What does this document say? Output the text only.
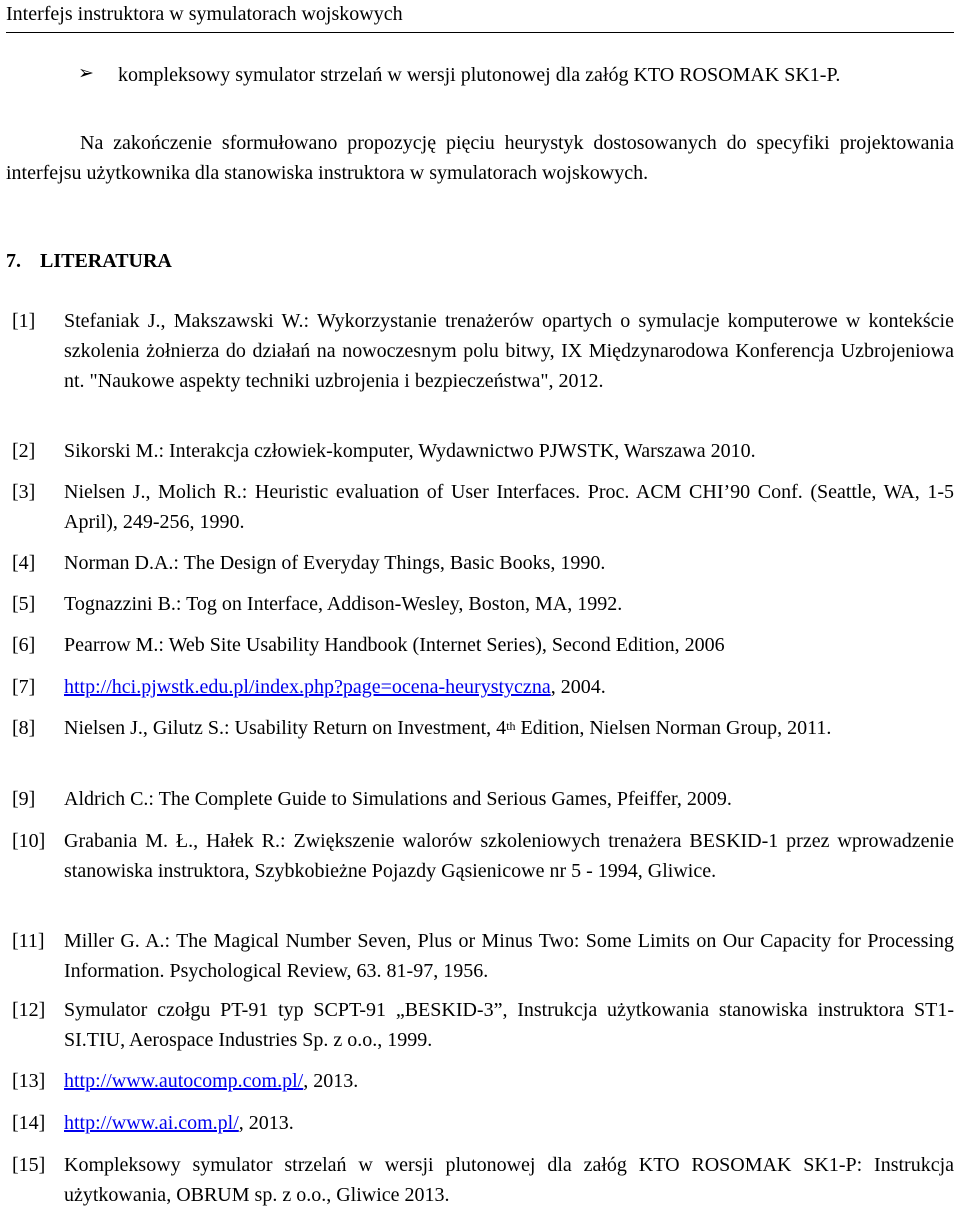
Interfejs instruktora w symulatorach wojskowych
➢	kompleksowy symulator strzelań w wersji plutonowej dla załóg KTO ROSOMAK SK1-P.
Na zakończenie sformułowano propozycję pięciu heurystyk dostosowanych do specyfiki projektowania interfejsu użytkownika dla stanowiska instruktora w symulatorach wojskowych.
7. LITERATURA
[1] Stefaniak J., Makszawski W.: Wykorzystanie trenażerów opartych o symulacje komputerowe w kontekście szkolenia żołnierza do działań na nowoczesnym polu bitwy, IX Międzynarodowa Konferencja Uzbrojeniowa nt. "Naukowe aspekty techniki uzbrojenia i bezpieczeństwa", 2012.
[2] Sikorski M.: Interakcja człowiek-komputer, Wydawnictwo PJWSTK, Warszawa 2010.
[3] Nielsen J., Molich R.: Heuristic evaluation of User Interfaces. Proc. ACM CHI’90 Conf. (Seattle, WA, 1-5 April), 249-256, 1990.
[4] Norman D.A.: The Design of Everyday Things, Basic Books, 1990.
[5] Tognazzini B.: Tog on Interface, Addison-Wesley, Boston, MA, 1992.
[6] Pearrow M.: Web Site Usability Handbook (Internet Series), Second Edition, 2006
[7] http://hci.pjwstk.edu.pl/index.php?page=ocena-heurystyczna, 2004.
[8] Nielsen J., Gilutz S.: Usability Return on Investment, 4th Edition, Nielsen Norman Group, 2011.
[9] Aldrich C.: The Complete Guide to Simulations and Serious Games, Pfeiffer, 2009.
[10] Grabania M. Ł., Hałek R.: Zwiększenie walorów szkoleniowych trenażera BESKID-1 przez wprowadzenie stanowiska instruktora, Szybkobieżne Pojazdy Gąsienicowe nr 5 - 1994, Gliwice.
[11] Miller G. A.: The Magical Number Seven, Plus or Minus Two: Some Limits on Our Capacity for Processing Information. Psychological Review, 63. 81-97, 1956.
[12] Symulator czołgu PT-91 typ SCPT-91 „BESKID-3”, Instrukcja użytkowania stanowiska instruktora ST1-SI.TIU, Aerospace Industries Sp. z o.o., 1999.
[13] http://www.autocomp.com.pl/, 2013.
[14] http://www.ai.com.pl/, 2013.
[15] Kompleksowy symulator strzelań w wersji plutonowej dla załóg KTO ROSOMAK SK1-P: Instrukcja użytkowania, OBRUM sp. z o.o., Gliwice 2013.
